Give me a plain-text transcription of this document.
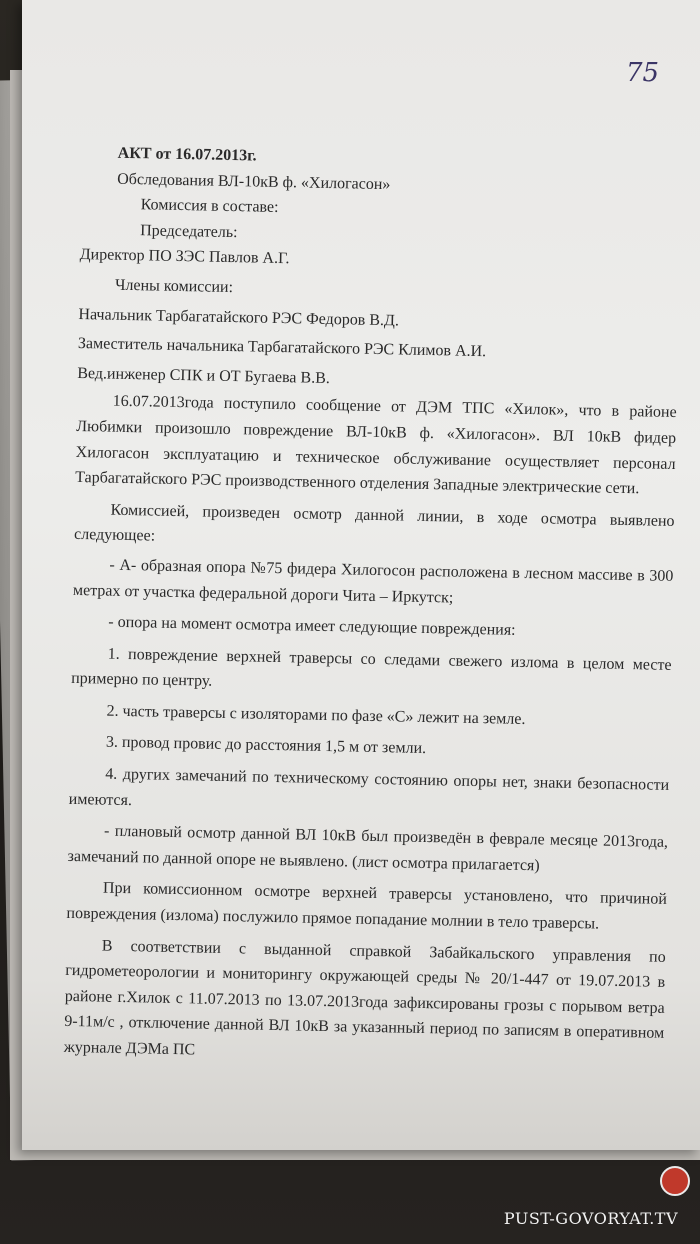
75

АКТ от 16.07.2013г.

Обследования ВЛ-10кВ ф. «Хилогасон»

Комиссия в составе:

Председатель:

Директор ПО ЗЭС Павлов А.Г.

Члены комиссии:

Начальник Тарбагатайского РЭС Федоров В.Д.

Заместитель начальника Тарбагатайского РЭС Климов А.И.

Вед.инженер СПК и ОТ Бугаева В.В.

16.07.2013года поступило сообщение от ДЭМ ТПС «Хилок», что в районе Любимки произошло повреждение ВЛ-10кВ ф. «Хилогасон». ВЛ 10кВ фидер Хилогасон эксплуатацию и техническое обслуживание осуществляет персонал Тарбагатайского РЭС производственного отделения Западные электрические сети.

Комиссией, произведен осмотр данной линии, в ходе осмотра выявлено следующее:

- А- образная опора №75 фидера Хилогосон расположена в лесном массиве в 300 метрах от участка федеральной дороги Чита – Иркутск;

- опора на момент осмотра имеет следующие повреждения:

1. повреждение верхней траверсы со следами свежего излома в целом месте примерно по центру.

2. часть траверсы с изоляторами по фазе «С» лежит на земле.

3. провод провис до расстояния 1,5 м от земли.

4. других замечаний по техническому состоянию опоры нет, знаки безопасности имеются.

- плановый осмотр данной ВЛ 10кВ был произведён в феврале месяце 2013года, замечаний по данной опоре не выявлено. (лист осмотра прилагается)

При комиссионном осмотре верхней траверсы установлено, что причиной повреждения (излома) послужило прямое попадание молнии в тело траверсы.

В соответствии с выданной справкой Забайкальского управления по гидрометеорологии и мониторингу окружающей среды № 20/1-447 от 19.07.2013 в районе г.Хилок с 11.07.2013 по 13.07.2013года зафиксированы грозы с порывом ветра 9-11м/с , отключение данной ВЛ 10кВ за указанный период по записям в оперативном журнале ДЭМа ПС

PUST-GOVORYAT.TV
